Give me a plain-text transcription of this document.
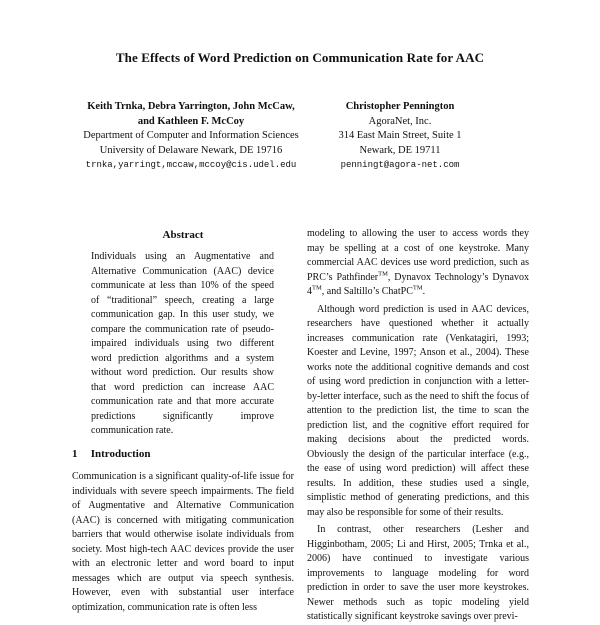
The Effects of Word Prediction on Communication Rate for AAC
Keith Trnka, Debra Yarrington, John McCaw,
and Kathleen F. McCoy
Department of Computer and Information Sciences
University of Delaware Newark, DE 19716
trnka,yarringt,mccaw,mccoy@cis.udel.edu
Christopher Pennington
AgoraNet, Inc.
314 East Main Street, Suite 1
Newark, DE 19711
penningt@agora-net.com
Abstract
Individuals using an Augmentative and Alternative Communication (AAC) device communicate at less than 10% of the speed of “traditional” speech, creating a large communication gap. In this user study, we compare the communication rate of pseudo-impaired individuals using two different word prediction algorithms and a system without word prediction. Our results show that word prediction can increase AAC communication rate and that more accurate predictions significantly improve communication rate.
1 Introduction
Communication is a significant quality-of-life issue for individuals with severe speech impairments. The field of Augmentative and Alternative Communication (AAC) is concerned with mitigating communication barriers that would otherwise isolate individuals from society. Most high-tech AAC devices provide the user with an electronic letter and word board to input messages which are output via speech synthesis. However, even with substantial user interface optimization, communication rate is often less

modeling to allowing the user to access words they may be spelling at a cost of one keystroke. Many commercial AAC devices use word prediction, such as PRC’s Pathfinder™, Dynavox Technology’s Dynavox 4™, and Saltillo’s ChatPC™.

Although word prediction is used in AAC devices, researchers have questioned whether it actually increases communication rate (Venkatagiri, 1993; Koester and Levine, 1997; Anson et al., 2004). These works note the additional cognitive demands and cost of using word prediction in conjunction with a letter-by-letter interface, such as the need to shift the focus of attention to the prediction list, the time to scan the prediction list, and the cognitive effort required for making decisions about the predicted words. Obviously the design of the particular interface (e.g., the ease of using word prediction) will affect these results. In addition, these studies used a single, simplistic method of generating predictions, and this may also be responsible for some of their results.

In contrast, other researchers (Lesher and Higginbotham, 2005; Li and Hirst, 2005; Trnka et al., 2006) have continued to investigate various improvements to language modeling for word prediction in order to save the user more keystrokes. Newer methods such as topic modeling yield statistically significant keystroke savings over previ-
